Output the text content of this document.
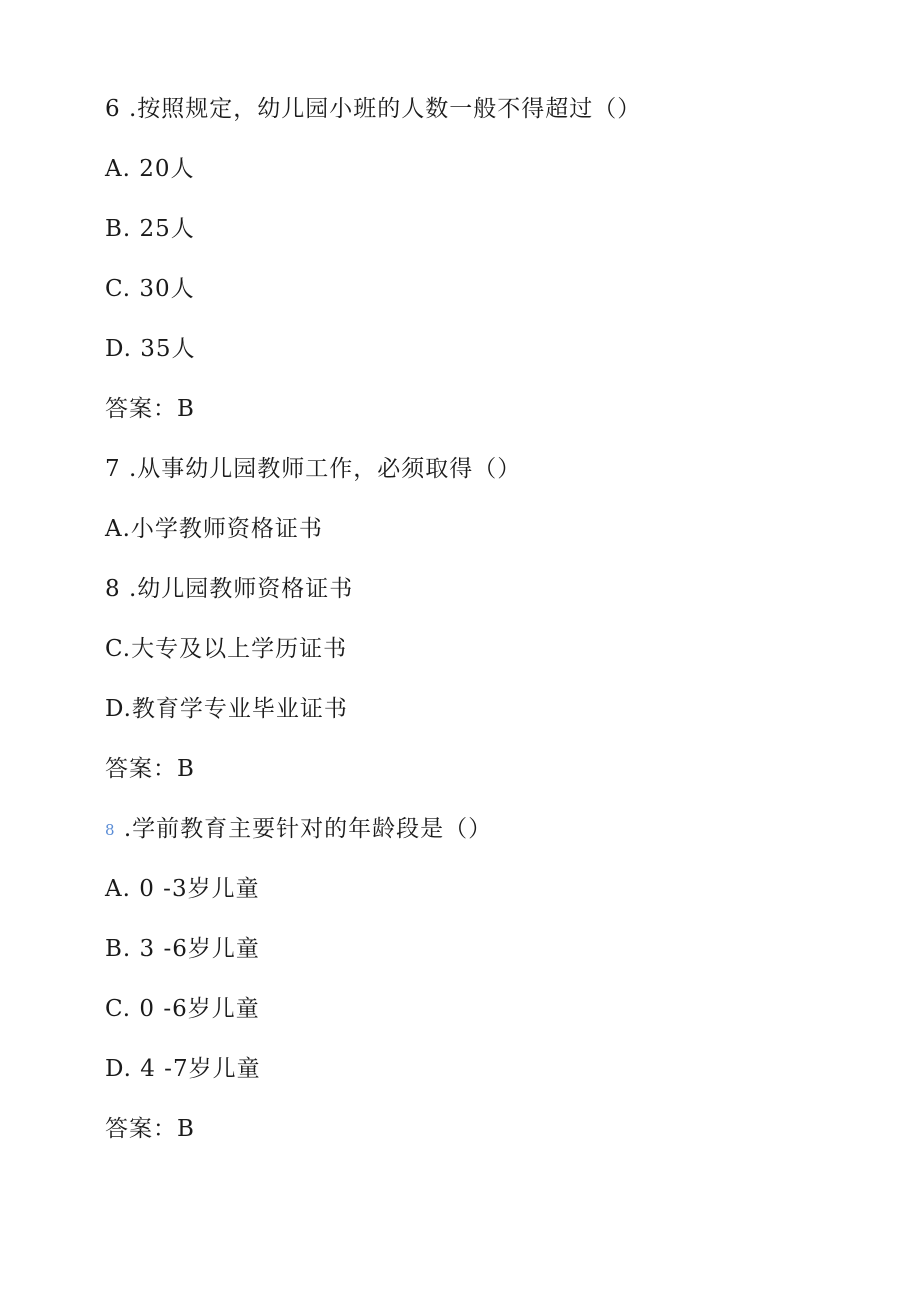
6 .按照规定，幼儿园小班的人数一般不得超过（）
A. 20人
B. 25人
C. 30人
D. 35人
答案：B
7 .从事幼儿园教师工作，必须取得（）
A.小学教师资格证书
8 .幼儿园教师资格证书
C.大专及以上学历证书
D.教育学专业毕业证书
答案：B
8 .学前教育主要针对的年龄段是（）
A. 0 -3岁儿童
B. 3 -6岁儿童
C. 0 -6岁儿童
D. 4 -7岁儿童
答案：B
